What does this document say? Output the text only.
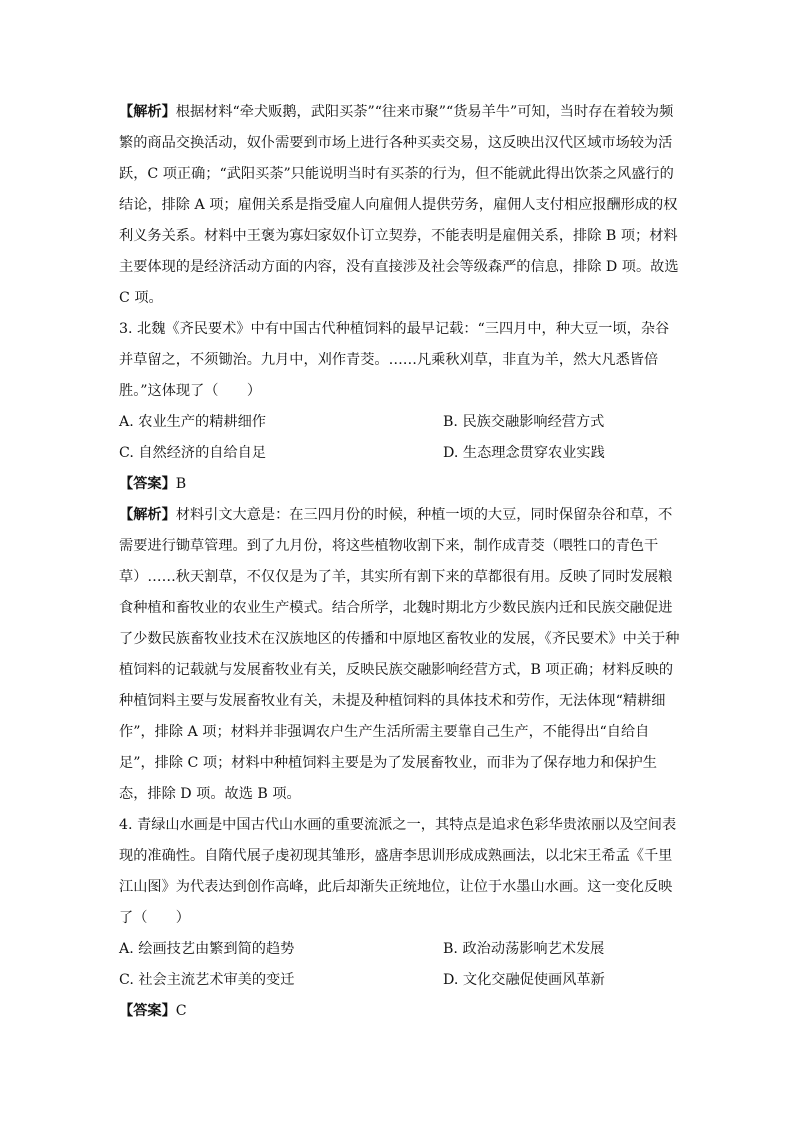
【解析】根据材料“牵犬贩鹅，武阳买荼”“往来市聚”“货易羊牛”可知，当时存在着较为频

繁的商品交换活动，奴仆需要到市场上进行各种买卖交易，这反映出汉代区域市场较为活

跃，C 项正确；“武阳买荼”只能说明当时有买荼的行为，但不能就此得出饮荼之风盛行的

结论，排除 A 项；雇佣关系是指受雇人向雇佣人提供劳务，雇佣人支付相应报酬形成的权

利义务关系。材料中王褒为寡妇家奴仆订立契券，不能表明是雇佣关系，排除 B 项；材料

主要体现的是经济活动方面的内容，没有直接涉及社会等级森严的信息，排除 D 项。故选

C 项。

3. 北魏《齐民要术》中有中国古代种植饲料的最早记载：“三四月中，种大豆一顷，杂谷

并草留之，不须锄治。九月中，刈作青茭。……凡乘秋刈草，非直为羊，然大凡悉皆倍

胜。”这体现了（　　）

A. 农业生产的精耕细作	B. 民族交融影响经营方式
C. 自然经济的自给自足	D. 生态理念贯穿农业实践

【答案】B

【解析】材料引文大意是：在三四月份的时候，种植一顷的大豆，同时保留杂谷和草，不

需要进行锄草管理。到了九月份，将这些植物收割下来，制作成青茭（喂牲口的青色干

草）……秋天割草，不仅仅是为了羊，其实所有割下来的草都很有用。反映了同时发展粮

食种植和畜牧业的农业生产模式。结合所学，北魏时期北方少数民族内迁和民族交融促进

了少数民族畜牧业技术在汉族地区的传播和中原地区畜牧业的发展，《齐民要术》中关于种

植饲料的记载就与发展畜牧业有关，反映民族交融影响经营方式，B 项正确；材料反映的

种植饲料主要与发展畜牧业有关，未提及种植饲料的具体技术和劳作，无法体现“精耕细

作”，排除 A 项；材料并非强调农户生产生活所需主要靠自己生产，不能得出“自给自

足”，排除 C 项；材料中种植饲料主要是为了发展畜牧业，而非为了保存地力和保护生

态，排除 D 项。故选 B 项。

4. 青绿山水画是中国古代山水画的重要流派之一，其特点是追求色彩华贵浓丽以及空间表

现的准确性。自隋代展子虔初现其雏形，盛唐李思训形成成熟画法，以北宋王希孟《千里

江山图》为代表达到创作高峰，此后却渐失正统地位，让位于水墨山水画。这一变化反映

了（　　）

A. 绘画技艺由繁到简的趋势	B. 政治动荡影响艺术发展
C. 社会主流艺术审美的变迁	D. 文化交融促使画风革新

【答案】C
